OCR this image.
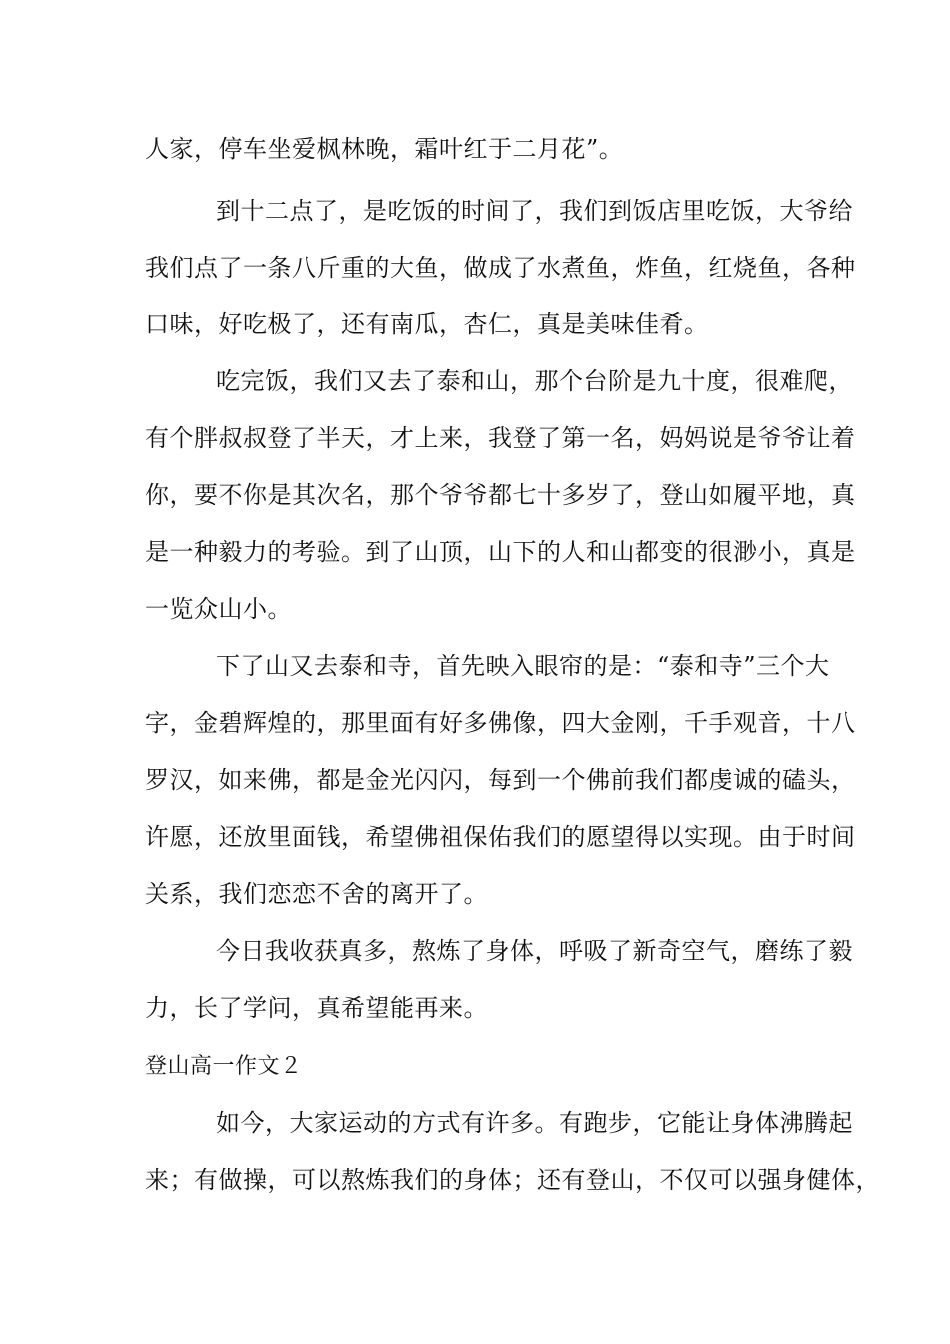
人家，停车坐爱枫林晚，霜叶红于二月花”。
到十二点了，是吃饭的时间了，我们到饭店里吃饭，大爷给
我们点了一条八斤重的大鱼，做成了水煮鱼，炸鱼，红烧鱼，各种
口味，好吃极了，还有南瓜，杏仁，真是美味佳肴。
吃完饭，我们又去了泰和山，那个台阶是九十度，很难爬，
有个胖叔叔登了半天，才上来，我登了第一名，妈妈说是爷爷让着
你，要不你是其次名，那个爷爷都七十多岁了，登山如履平地，真
是一种毅力的考验。到了山顶，山下的人和山都变的很渺小，真是
一览众山小。
下了山又去泰和寺，首先映入眼帘的是：“泰和寺”三个大
字，金碧辉煌的，那里面有好多佛像，四大金刚，千手观音，十八
罗汉，如来佛，都是金光闪闪，每到一个佛前我们都虔诚的磕头，
许愿，还放里面钱，希望佛祖保佑我们的愿望得以实现。由于时间
关系，我们恋恋不舍的离开了。
今日我收获真多，熬炼了身体，呼吸了新奇空气，磨练了毅
力，长了学问，真希望能再来。
登山高一作文２
如今，大家运动的方式有许多。有跑步，它能让身体沸腾起
来；有做操，可以熬炼我们的身体；还有登山，不仅可以强身健体，
